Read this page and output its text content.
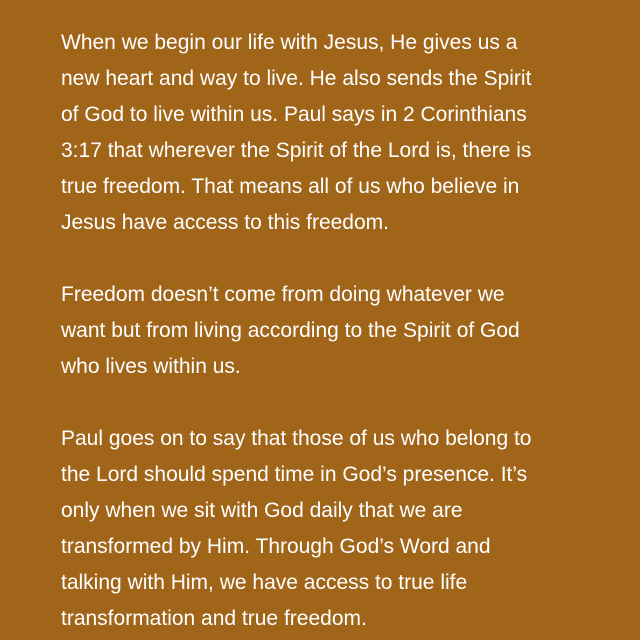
When we begin our life with Jesus, He gives us a
new heart and way to live. He also sends the Spirit
of God to live within us. Paul says in 2 Corinthians
3:17 that wherever the Spirit of the Lord is, there is
true freedom. That means all of us who believe in
Jesus have access to this freedom.

Freedom doesn’t come from doing whatever we
want but from living according to the Spirit of God
who lives within us.

Paul goes on to say that those of us who belong to
the Lord should spend time in God’s presence. It’s
only when we sit with God daily that we are
transformed by Him. Through God’s Word and
talking with Him, we have access to true life
transformation and true freedom.
